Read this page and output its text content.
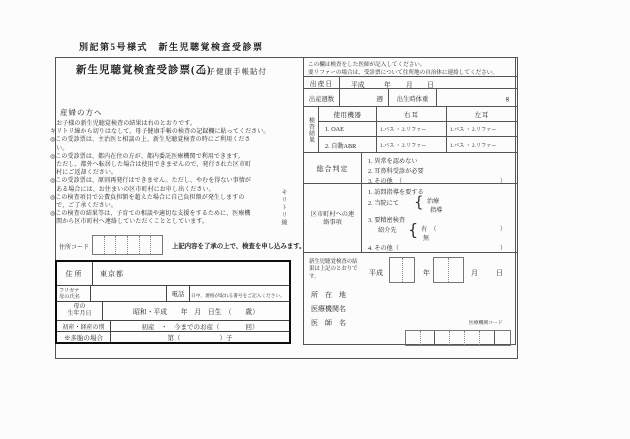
別記第5号様式　新生児聴覚検査受診票
新生児聴覚検査受診票(乙)
母子健康手帳貼付
産婦の方へ
　お子様の新生児聴覚検査の結果は右のとおりです。
キリトリ線から切りはなして、母子健康手帳の検査の記録欄に貼ってください。
◎この受診票は、主治医と相談の上、新生児聴覚検査の時にご利用くださ
　い。
◎この受診票は、都内在住の方が、都内委託医療機関で利用できます。
　ただし、都外へ転居した場合は使用できませんので、発行された区市町
　村にご返却ください。
◎この受診票は、原則再発行はできません。ただし、やむを得ない事情が
　ある場合には、お住まいの区市町村にお申し出ください。
◎この検査項目で公費負担額を超えた場合に自己負担額が発生しますの
　で、ご了承ください。
◎この検査の結果等は、子育ての相談や適切な支援をするために、医療機
　関から区市町村へ連絡していただくこととしています。	キリトリ線
住所コード	上記内容を了承の上で、検査を申し込みます。
住所	東京都
フリガナ
母の氏名	電話	日中、連絡が取れる番号をご記入ください。
母の
生年月日	昭和・平成　　年　月　日生　（　　歳）
初産・経産の別	初産　・　今までのお産（　　　　回）
※多胎の場合	第（　　　　　　）子
この欄は検査をした医師が記入してください。
要リファーの場合は、受診票について住所地の自治体に連絡してください。
出産日	平成	年 月 日
出産週数	週	出生時体重	g
検査結果
使用機器	右耳	左耳
1. OAE	1.パス ・ 2.リファー	1.パス ・ 2.リファー
2. 自動ABR	1.パス ・ 2.リファー	1.パス ・ 2.リファー
総合判定
1. 異常を認めない
2. 耳鼻科受診が必要
3. その他　（	）
区市町村への連
絡事項
1. 訪問指導を要する
2. 当院にて { 治療
指導
3. 要精密検査
紹介先 { 有　（	）
無
4. その他（	）
新生児聴覚検査の結
果は上記のとおりで
す。	平成	年	月	日
所　在　地
医療機関名
医　師　名	医療機関コード
